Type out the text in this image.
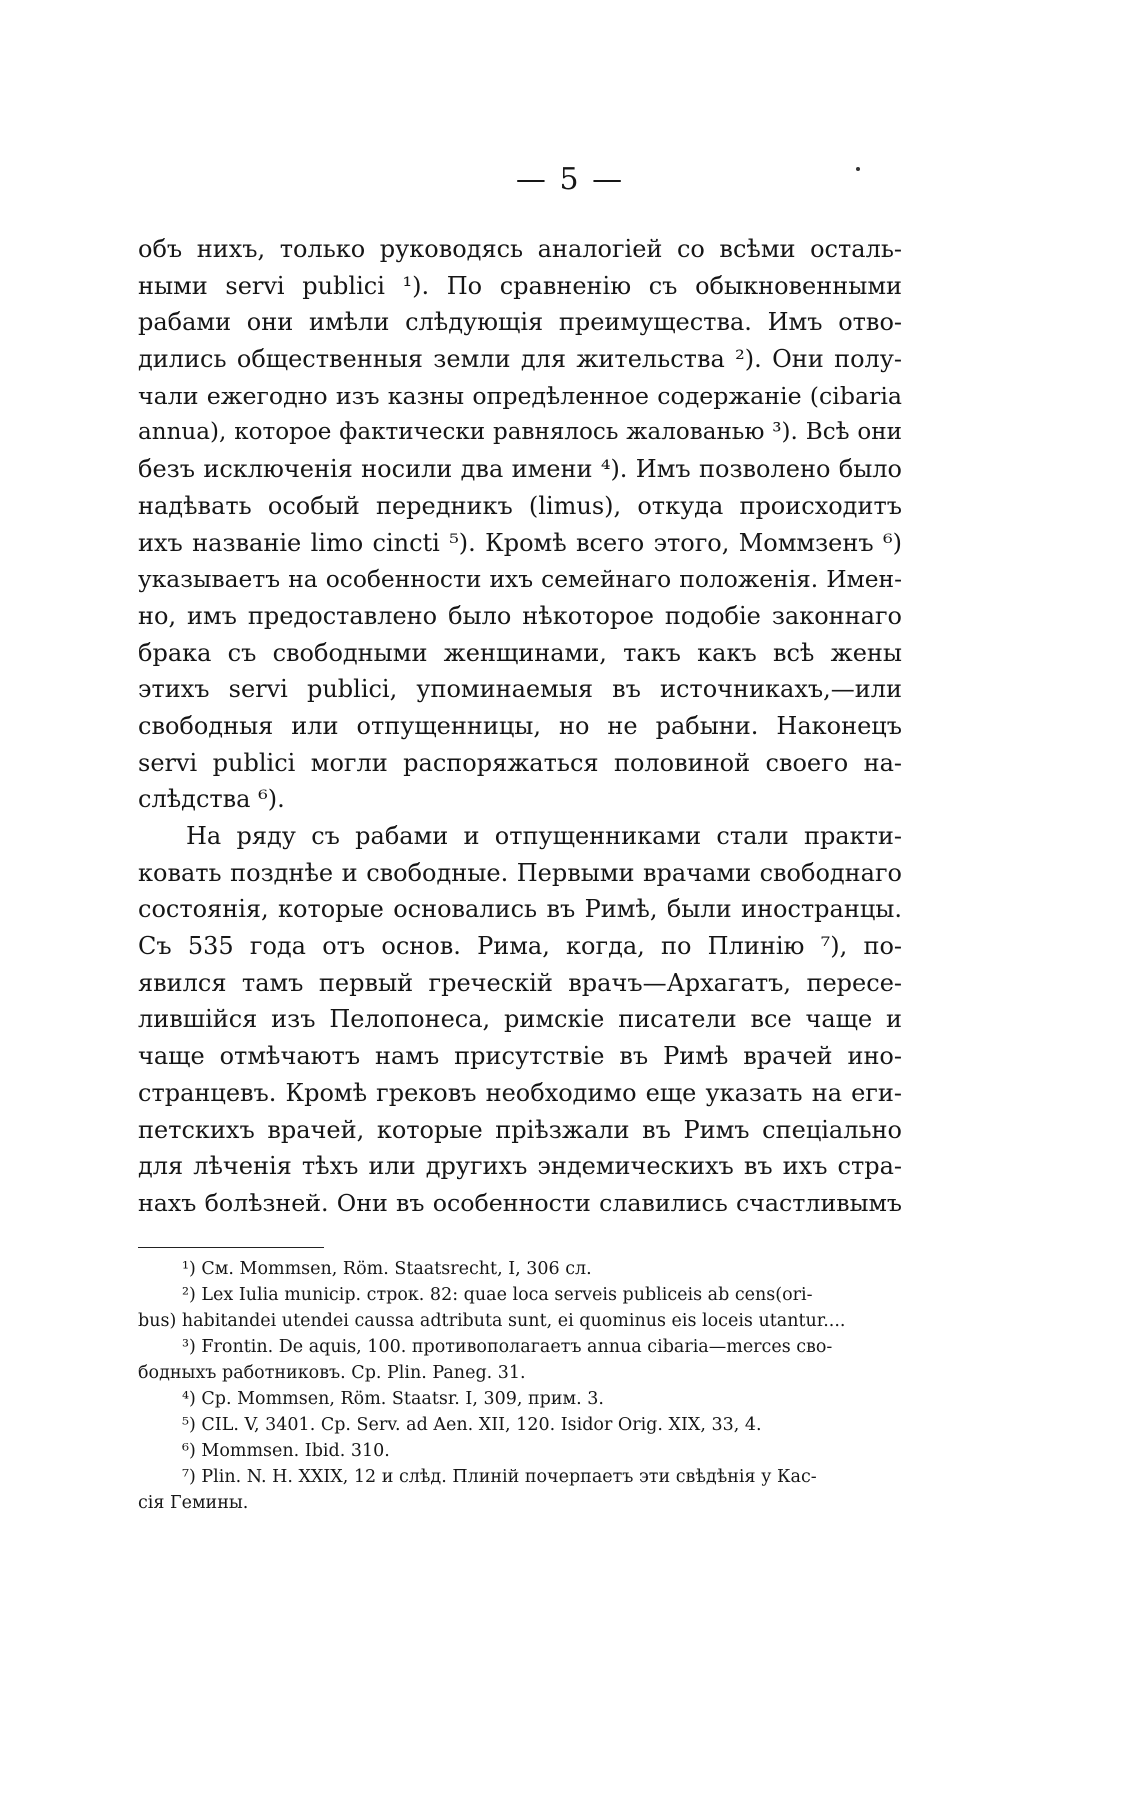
— 5 —
объ нихъ, только руководясь аналогіей со всѣми осталь-
ными servi publici ¹). По сравненію съ обыкновенными
рабами они имѣли слѣдующія преимущества. Имъ отво-
дились общественныя земли для жительства ²). Они полу-
чали ежегодно изъ казны опредѣленное содержаніе (cibaria
annua), которое фактически равнялось жалованью ³). Всѣ они
безъ исключенія носили два имени ⁴). Имъ позволено было
надѣвать особый передникъ (limus), откуда происходитъ
ихъ названіе limo cincti ⁵). Кромѣ всего этого, Моммзенъ ⁶)
указываетъ на особенности ихъ семейнаго положенія. Имен-
но, имъ предоставлено было нѣкоторое подобіе законнаго
брака съ свободными женщинами, такъ какъ всѣ жены
этихъ servi publici, упоминаемыя въ источникахъ,—или
свободныя или отпущенницы, но не рабыни. Наконецъ
servi publici могли распоряжаться половиной своего на-
слѣдства ⁶).
На ряду съ рабами и отпущенниками стали практи-
ковать позднѣе и свободные. Первыми врачами свободнаго
состоянія, которые основались въ Римѣ, были иностранцы.
Съ 535 года отъ основ. Рима, когда, по Плинію ⁷), по-
явился тамъ первый греческій врачъ—Архагатъ, пересе-
лившійся изъ Пелопонеса, римскіе писатели все чаще и
чаще отмѣчаютъ намъ присутствіе въ Римѣ врачей ино-
странцевъ. Кромѣ грековъ необходимо еще указать на еги-
петскихъ врачей, которые пріѣзжали въ Римъ спеціально
для лѣченія тѣхъ или другихъ эндемическихъ въ ихъ стра-
нахъ болѣзней. Они въ особенности славились счастливымъ
¹) См. Mommsen, Röm. Staatsrecht, I, 306 сл.
²) Lex Iulia municip. строк. 82: quae loca serveis publiceis ab cens(ori-
bus) habitandei utendei caussa adtributa sunt, ei quominus eis loceis utantur....
³) Frontin. De aquis, 100. противополагаетъ annua cibaria—merces сво-
бодныхъ работниковъ. Ср. Plin. Paneg. 31.
⁴) Ср. Mommsen, Röm. Staatsr. I, 309, прим. 3.
⁵) CIL. V, 3401. Ср. Serv. ad Aen. XII, 120. Isidor Orig. XIX, 33, 4.
⁶) Mommsen. Ibid. 310.
⁷) Plin. N. H. XXIX, 12 и слѣд. Плиній почерпаетъ эти свѣдѣнія у Кас-
сія Гемины.
